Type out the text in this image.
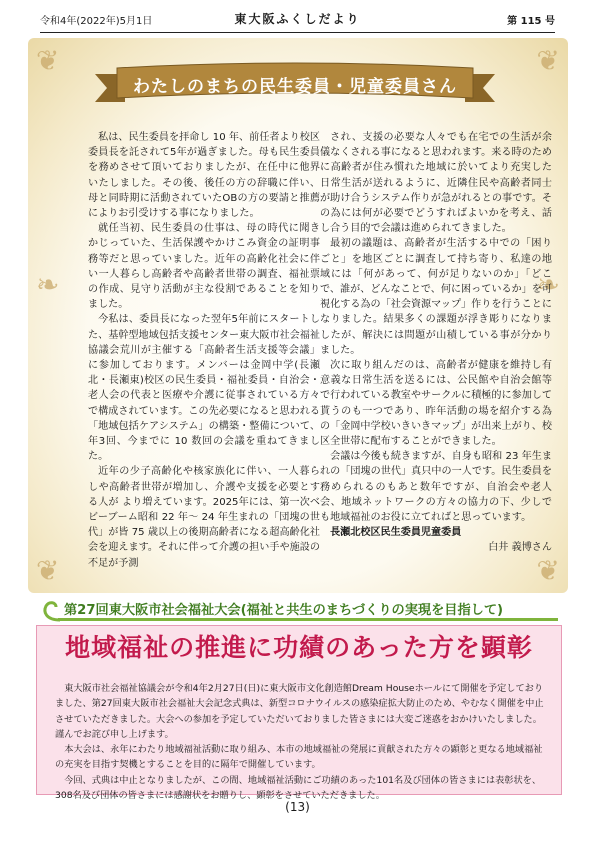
令和4年(2022年)5月1日	東大阪ふくしだより	第 115 号
❦	❦
❧	❧
❦	❦
わたしのまちの民生委員・児童委員さん

私は、民生委員を拝命し 10 年、前任者より校区委員長を託されて5年が過ぎました。母も民生委員を務めさせて頂いておりましたが、在任中に他界いたしました。その後、後任の方の辞職に伴い、母と同時期に活動されていたOBの方の要請と推薦によりお引受けする事になりました。

就任当初、民生委員の仕事は、母の時代に聞きかじっていた、生活保護やかけこみ資金の証明事務等だと思っていました。近年の高齢化社会に伴い一人暮らし高齢者や高齢者世帯の調査、福祉票の作成、見守り活動が主な役割であることを知りました。

今私は、委員長になった翌年5年前にスタートした、基幹型地域包括支援センター東大阪市社会福祉協議会荒川が主催する「高齢者生活支援等会議」に参加しております。メンバーは金岡中学(長瀬北・長瀬東)校区の民生委員・福祉委員・自治会・老人会の代表と医療や介護に従事されている方々で構成されています。この先必要になると思われる「地域包括ケアシステム」の構築・整備について、年3回、今までに 10 数回の会議を重ねてきました。

近年の少子高齢化や核家族化に伴い、一人暮らしや高齢者世帯が増加し、介護や支援を必要とする人が より増えています。2025年には、第一次ベビーブーム昭和 22 年～ 24 年生まれの「団塊の世代」が皆 75 歳以上の後期高齢者になる超高齢化社会を迎えます。それに伴って介護の担い手や施設の不足が予測

され、支援の必要な人々でも在宅での生活が余儀なくされる事になると思われます。来る時のために高齢者が住み慣れた地域に於いてより充実した日常生活が送れるように、近隣住民や高齢者同士が助け合うシステム作りが急がれるとの事です。その為には何が必要でどうすればよいかを考え、話し合う目的で会議は進められてきました。

最初の議題は、高齢者が生活する中での「困りごと」を地区ごとに調査して持ち寄り、私達の地域には「何があって、何が足りないのか」「どこで、誰が、どんなことで、何に困っているか」を可視化する為の「社会資源マップ」作りを行うことになりました。結果多くの課題が浮き彫りになりましたが、解決には問題が山積している事が分かりました。

次に取り組んだのは、高齢者が健康を維持し有意義な日常生活を送るには、公民館や自治会館等で行われている教室やサークルに積極的に参加して貰うのも一つであり、昨年活動の場を紹介する為の「金岡中学校いきいきマップ」が出来上がり、校区全世帯に配布することができました。

会議は今後も続きますが、自身も昭和 23 年生まれの「団塊の世代」真只中の一人です。民生委員を務められるのもあと数年ですが、自治会や老人会、地域ネットワークの方々の協力の下、少しでも地域福祉のお役に立てればと思っています。

長瀬北校区民生委員児童委員

白井 義博さん

第27回東大阪市社会福祉大会(福祉と共生のまちづくりの実現を目指して)
地域福祉の推進に功績のあった方を顕彰

東大阪市社会福祉協議会が令和4年2月27日(日)に東大阪市文化創造館Dream Houseホールにて開催を予定しておりました、第27回東大阪市社会福祉大会記念式典は、新型コロナウイルスの感染症拡大防止のため、やむなく開催を中止させていただきました。大会への参加を予定していただいておりました皆さまには大変ご迷惑をおかけいたしました。謹んでお詫び申し上げます。

本大会は、永年にわたり地域福祉活動に取り組み、本市の地域福祉の発展に貢献された方々の顕彰と更なる地域福祉の充実を目指す契機とすることを目的に隔年で開催しています。

今回、式典は中止となりましたが、この間、地域福祉活動にご功績のあった101名及び団体の皆さまには表彰状を、308名及び団体の皆さまには感謝状をお贈りし、顕彰をさせていただきました。

(13)
